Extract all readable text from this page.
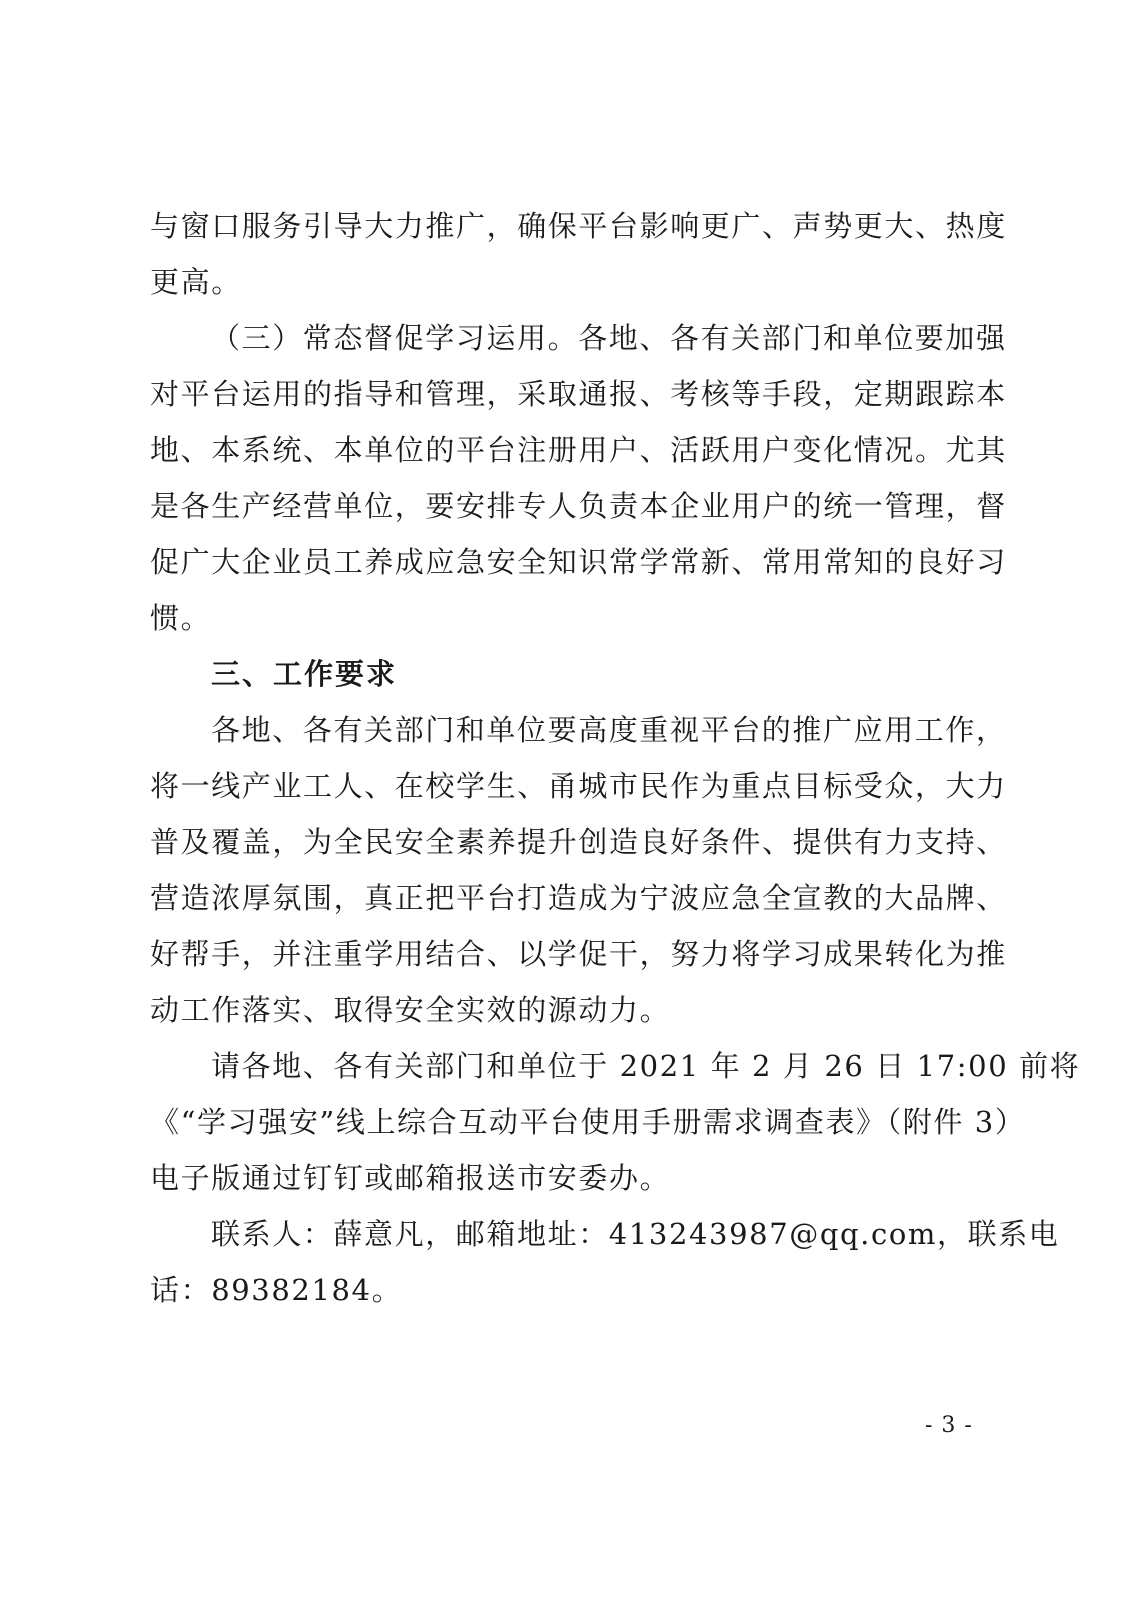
与窗口服务引导大力推广，确保平台影响更广、声势更大、热度
更高。
（三）常态督促学习运用。各地、各有关部门和单位要加强
对平台运用的指导和管理，采取通报、考核等手段，定期跟踪本
地、本系统、本单位的平台注册用户、活跃用户变化情况。尤其
是各生产经营单位，要安排专人负责本企业用户的统一管理，督
促广大企业员工养成应急安全知识常学常新、常用常知的良好习
惯。
三、工作要求
各地、各有关部门和单位要高度重视平台的推广应用工作，
将一线产业工人、在校学生、甬城市民作为重点目标受众，大力
普及覆盖，为全民安全素养提升创造良好条件、提供有力支持、
营造浓厚氛围，真正把平台打造成为宁波应急全宣教的大品牌、
好帮手，并注重学用结合、以学促干，努力将学习成果转化为推
动工作落实、取得安全实效的源动力。
请各地、各有关部门和单位于 2021 年 2 月 26 日 17:00 前将
《“学习强安”线上综合互动平台使用手册需求调查表》（附件 3）
电子版通过钉钉或邮箱报送市安委办。
联系人：薛意凡，邮箱地址：413243987@qq.com，联系电
话：89382184。
- 3 -
